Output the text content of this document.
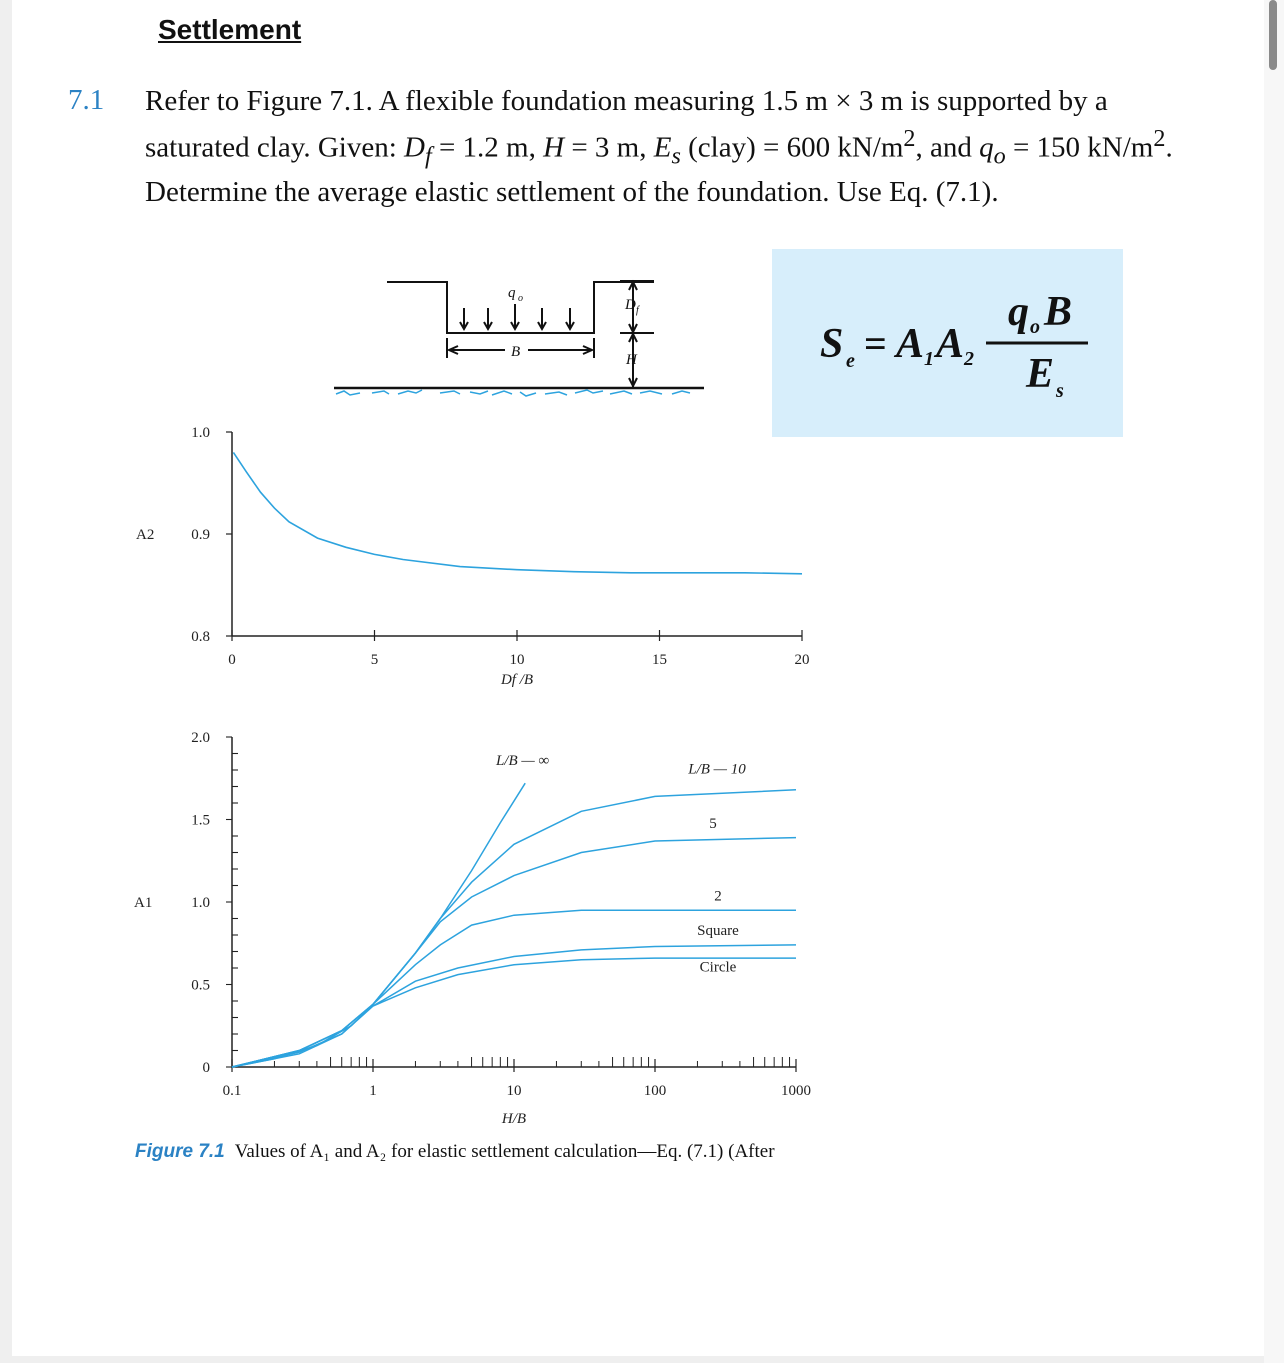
Settlement
7.1 Refer to Figure 7.1. A flexible foundation measuring 1.5 m × 3 m is supported by a saturated clay. Given: $D_f = 1.2$ m, H = 3 m, $E_s$ (clay) = 600 $kN/m^2$, and $q_o = 150$ $kN/m^2$. Determine the average elastic settlement of the foundation. Use Eq. (7.1).
S e = A 1 A 2
q o B
E s
q o
B
D f
H
1.0
0.9
0.8
0	5	10	15	20
A2
Df /B
2.0
1.5
1.0
0.5
0
0.1	1	10	100	1000
A1
H/B
L/B — ∞
L/B — 10
5
2
Square
Circle
Figure 7.1 Values of A₁ and A₂ for elastic settlement calculation—Eq. (7.1) (After
